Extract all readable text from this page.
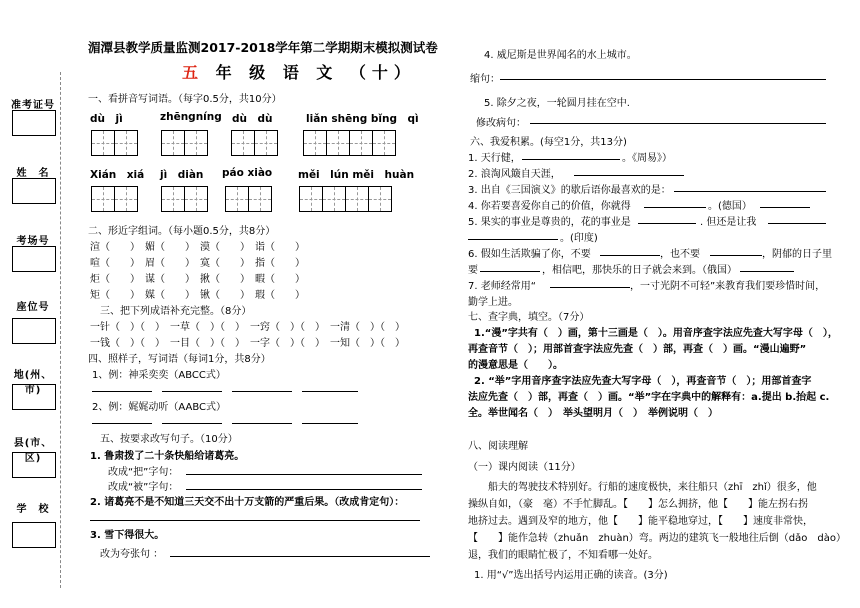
准考证号
姓　名
考场号
座位号
地(州、市)
县(市、区)
学　校
湄潭县教学质量监测2017-2018学年第二学期期末模拟测试卷
五 年 级 语 文 （十）
一、看拼音写词语。（每字0.5分，共10分）
dù　jì	zhēngníng dù　dù	liǎn shēng bǐng　qì
Xián　xiá jì　diàn páo xiào měi　lún měi　huàn
二、形近字组词。（每小题0.5分，共8分）
渲（　　）　媚（　　）　漠（　　）　诣（　　）
喧（　　）　眉（　　）　寞（　　）　指（　　）
炬（　　）　谋（　　）　揪（　　）　暇（　　）
矩（　　）　媒（　　）　锹（　　）　瑕（　　）
三、把下列成语补充完整。（8分）
一针（　）（　）　一草（　）（　）　一窍（　）（　）　一清（　）（　）
一钱（　）（　）　一目（　）（　）　一字（　）（　）　一知（　）（　）
四、照样子，写词语（每词1分，共8分）
1、例：神采奕奕（ABCC式）
2、例：娓娓动听（AABC式）
五、按要求改写句子。（10分）
1. 鲁肃拨了二十条快船给诸葛亮。
改成“把”字句：
改成“被”字句：
2. 诸葛亮不是不知道三天交不出十万支箭的严重后果。（改成肯定句）：
3. 雪下得很大。
改为夸张句 ：
4. 威尼斯是世界闻名的水上城市。
缩句：
5. 除夕之夜，一轮圆月挂在空中.
修改病句：
六、我爱积累。(每空1分，共13分)
1. 天行健，	。《周易》）
2. 浪淘风簸自天涯，
3. 出自《三国演义》的歇后语你最喜欢的是：
4. 你若要喜爱你自己的价值，你就得	。(德国）
5. 果实的事业是尊贵的，花的事业是	. 但还是让我
。(印度)
6. 假如生活欺骗了你，不要	，也不要	，阴郁的日子里
要	，相信吧，那快乐的日子就会来到。（俄国）
7. 老师经常用“	，一寸光阴不可轻”来教育我们要珍惜时间，
勤学上进。
七、查字典，填空。（7分）
1.“漫”字共有（　）画，第十三画是（　）。用音序查字法应先查大写字母（　），
再查音节（　）；用部首查字法应先查（　）部，再查（　）画。“漫山遍野”
的漫意思是（　　）。
2. “举”字用音序查字法应先查大写字母（　），再查音节（　）；用部首查字
法应先查（　）部，再查（　）画。“举”字在字典中的解释有：a.提出 b.抬起 c.
全。举世闻名（　）　举头望明月（　）　举例说明（　）
八、阅读理解
（一）课内阅读（11分）
　　船夫的驾驶技术特别好。行船的速度极快，来往船只（zhī　zhǐ）很多，他
操纵自如，（豪　毫）不手忙脚乱。【　　】怎么拥挤，他【　　】能左拐右拐
地挤过去。遇到及窄的地方，他【　　】能平稳地穿过，【　　】速度非常快，
【　　】能作急转（zhuǎn　zhuàn）弯。两边的建筑飞一般地往后倒（dǎo　dào）
退，我们的眼睛忙极了，不知看哪一处好。
1. 用“√”选出括号内运用正确的读音。(3分)
